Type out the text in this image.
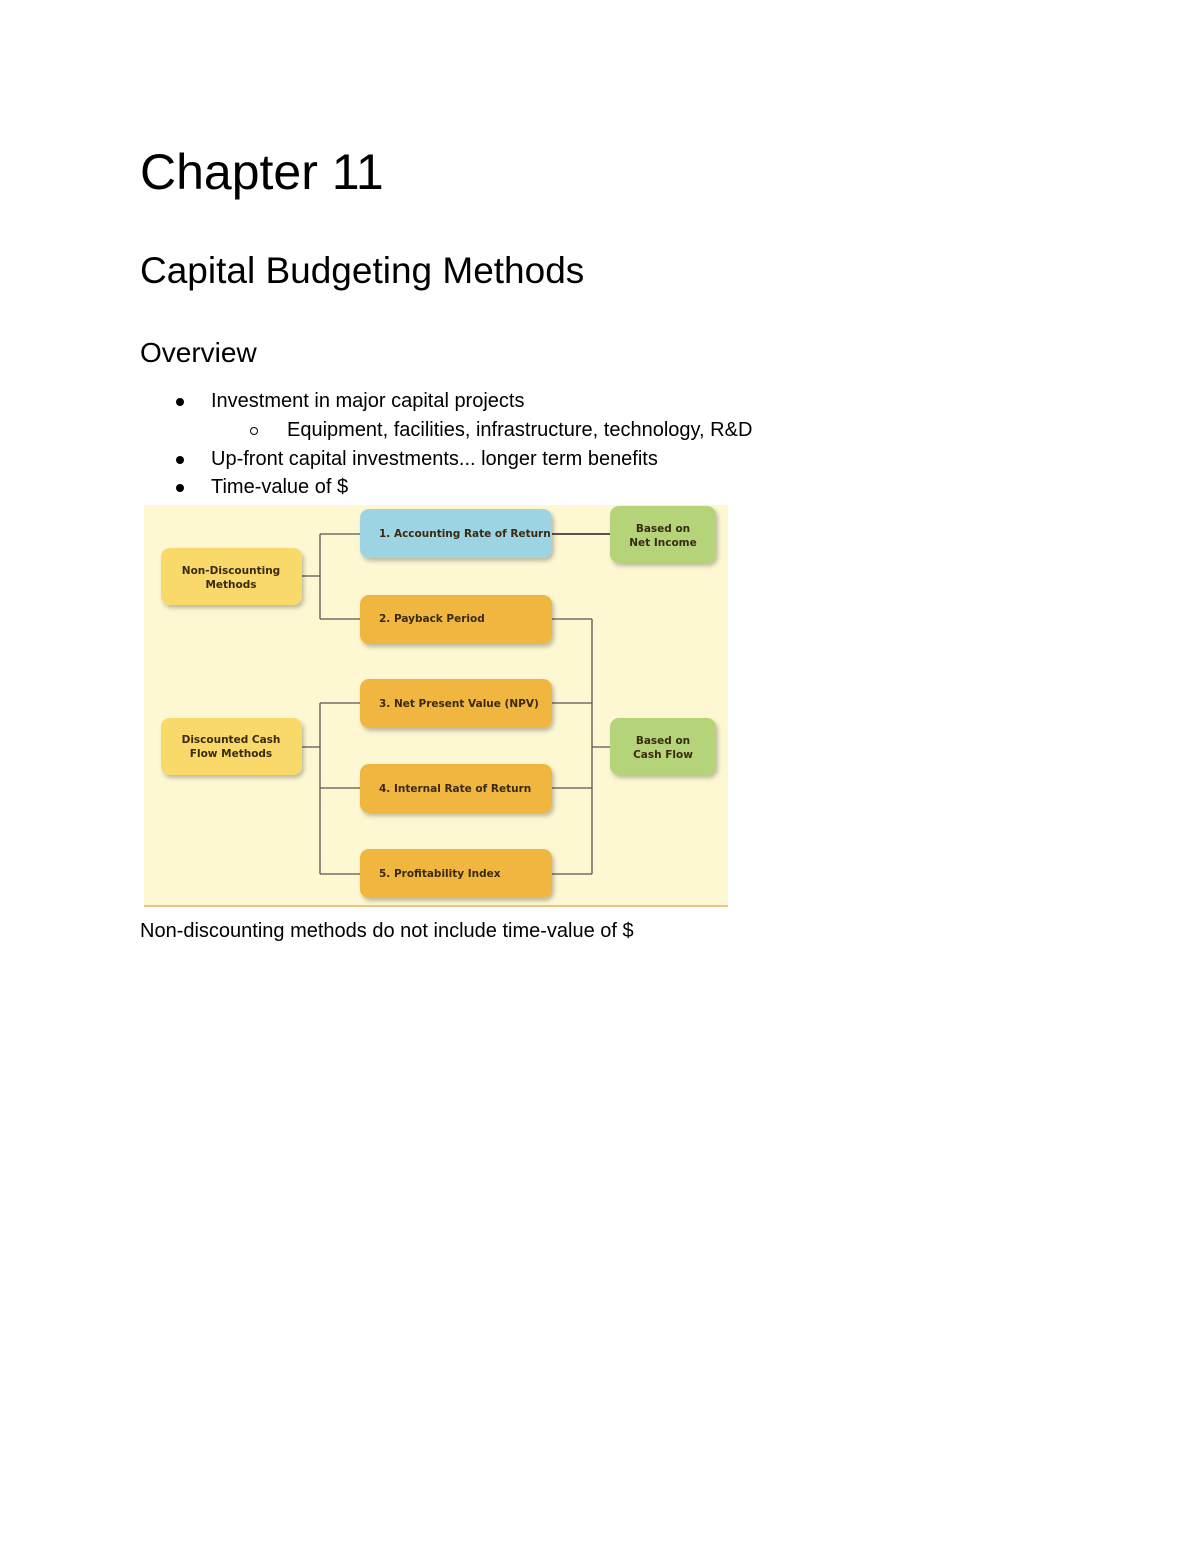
Chapter 11
Capital Budgeting Methods
Overview
Investment in major capital projects
Equipment, facilities, infrastructure, technology, R&D
Up-front capital investments... longer term benefits
Time-value of $
Non-Discounting
Methods
Discounted Cash
Flow Methods
1. Accounting Rate of Return
2. Payback Period
3. Net Present Value (NPV)
4. Internal Rate of Return
5. Profitability Index
Based on
Net Income
Based on
Cash Flow
Non-discounting methods do not include time-value of $
